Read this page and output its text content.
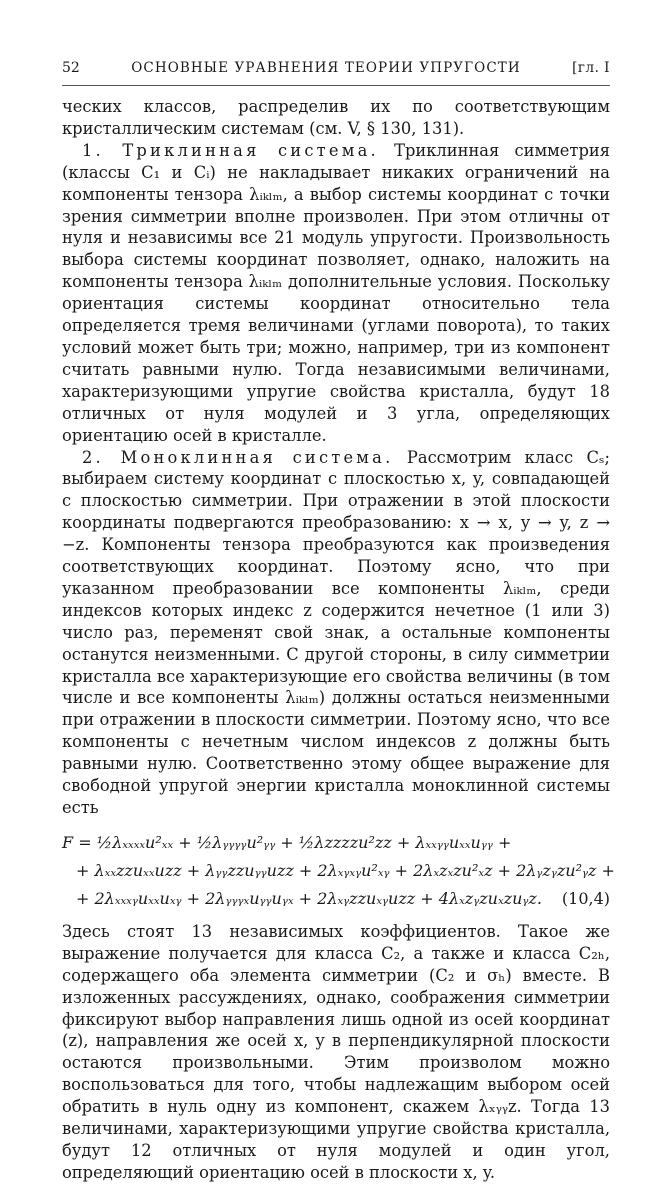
52	ОСНОВНЫЕ УРАВНЕНИЯ ТЕОРИИ УПРУГОСТИ	[гл. I

ческих классов, распределив их по соответствующим кристаллическим системам (см. V, § 130, 131).

1. Триклинная система. Триклинная симметрия (классы C₁ и Cᵢ) не накладывает никаких ограничений на компоненты тензора λᵢₖₗₘ, а выбор системы координат с точки зрения симметрии вполне произволен. При этом отличны от нуля и независимы все 21 модуль упругости. Произвольность выбора системы координат позволяет, однако, наложить на компоненты тензора λᵢₖₗₘ дополнительные условия. Поскольку ориентация системы координат относительно тела определяется тремя величинами (углами поворота), то таких условий может быть три; можно, например, три из компонент считать равными нулю. Тогда независимыми величинами, характеризующими упругие свойства кристалла, будут 18 отличных от нуля модулей и 3 угла, определяющих ориентацию осей в кристалле.

2. Моноклинная система. Рассмотрим класс Cₛ; выбираем систему координат с плоскостью x, y, совпадающей с плоскостью симметрии. При отражении в этой плоскости координаты подвергаются преобразованию: x → x, y → y, z → −z. Компоненты тензора преобразуются как произведения соответствующих координат. Поэтому ясно, что при указанном преобразовании все компоненты λᵢₖₗₘ, среди индексов которых индекс z содержится нечетное (1 или 3) число раз, переменят свой знак, а остальные компоненты останутся неизменными. С другой стороны, в силу симметрии кристалла все характеризующие его свойства величины (в том числе и все компоненты λᵢₖₗₘ) должны остаться неизменными при отражении в плоскости симметрии. Поэтому ясно, что все компоненты с нечетным числом индексов z должны быть равными нулю. Соответственно этому общее выражение для свободной упругой энергии кристалла моноклинной системы есть

F = ½λₓₓₓₓu²ₓₓ + ½λᵧᵧᵧᵧu²ᵧᵧ + ½λzzzzu²zz + λₓₓᵧᵧuₓₓuᵧᵧ +
+ λₓₓzzuₓₓuzz + λᵧᵧzzuᵧᵧuzz + 2λₓᵧₓᵧu²ₓᵧ + 2λₓzₓzu²ₓz + 2λᵧzᵧzu²ᵧz +
+ 2λₓₓₓᵧuₓₓuₓᵧ + 2λᵧᵧᵧₓuᵧᵧuᵧₓ + 2λₓᵧzzuₓᵧuzz + 4λₓzᵧzuₓzuᵧz. (10,4)

Здесь стоят 13 независимых коэффициентов. Такое же выражение получается для класса C₂, а также и класса C₂ₕ, содержащего оба элемента симметрии (C₂ и σₕ) вместе. В изложенных рассуждениях, однако, соображения симметрии фиксируют выбор направления лишь одной из осей координат (z), направления же осей x, y в перпендикулярной плоскости остаются произвольными. Этим произволом можно воспользоваться для того, чтобы надлежащим выбором осей обратить в нуль одну из компонент, скажем λₓᵧᵧz. Тогда 13 величинами, характеризующими упругие свойства кристалла, будут 12 отличных от нуля модулей и один угол, определяющий ориентацию осей в плоскости x, y.
